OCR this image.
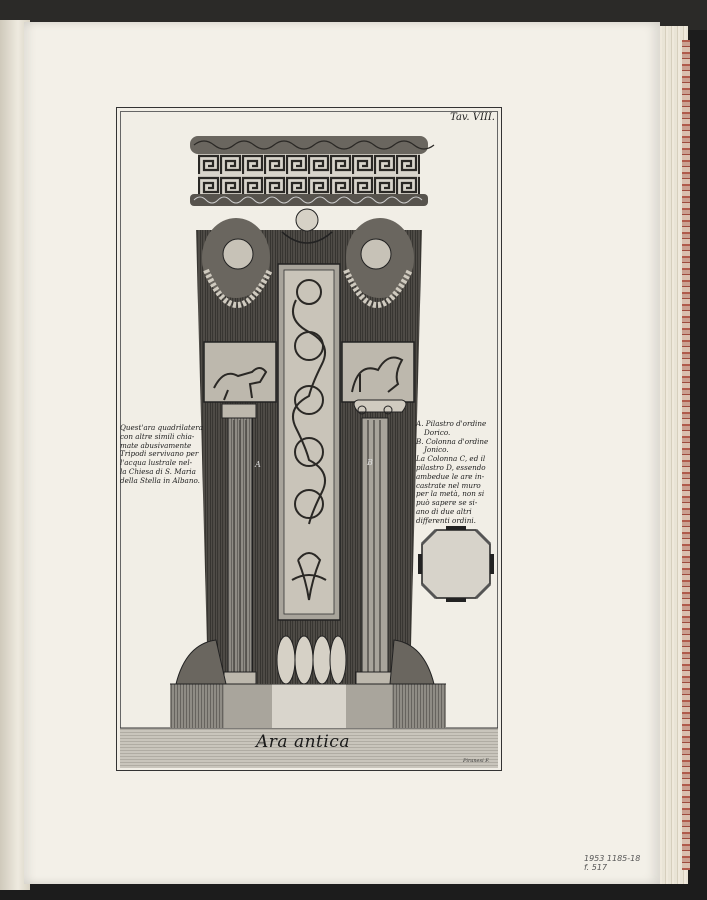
Tav. VIII.
A	B

Quest'ara quadrilatera

con altre simili chia-

mate abusivamente

Tripodi servivano per

l'acqua lustrale nel-

la Chiesa di S. Maria

della Stella in Albano.

A. Pilastro d'ordine

Dorico.

B. Colonna d'ordine

Jonico.

La Colonna C, ed il

pilastro D, essendo

ambedue le are in-

castrate nel muro

per la metà, non si

può sapere se si-

ano di due altri

differenti ordini.

Ara antica
Piranesi F.
1953 1185-18
f. 517
